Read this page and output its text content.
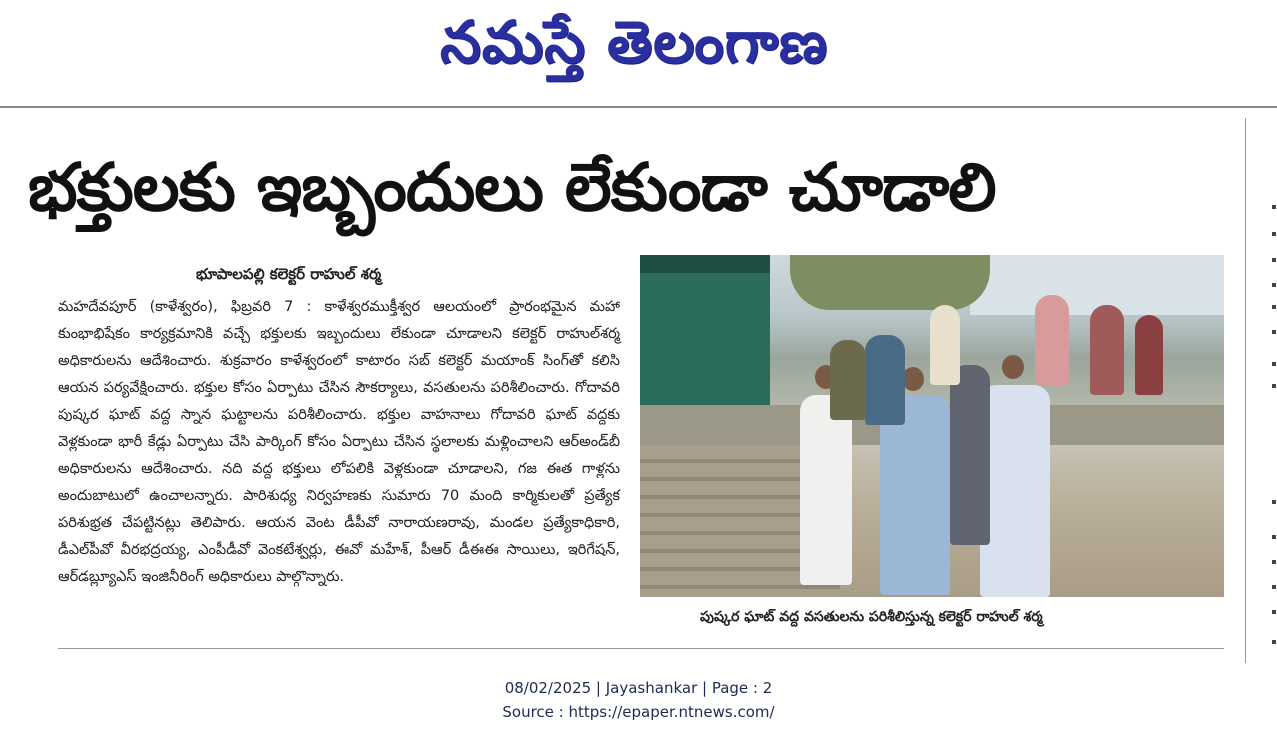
నమస్తే తెలంగాణ
భక్తులకు ఇబ్బందులు లేకుండా చూడాలి
భూపాలపల్లి కలెక్టర్ రాహుల్ శర్మ

మహదేవపూర్ (కాళేశ్వరం), ఫిబ్రవరి 7 : కాళేశ్వరముక్తీశ్వర ఆలయంలో ప్రారంభమైన మహా కుంభాభిషేకం కార్యక్రమానికి వచ్చే భక్తులకు ఇబ్బందులు లేకుండా చూడాలని కలెక్టర్ రాహుల్‌శర్మ అధికారులను ఆదేశించారు. శుక్రవారం కాళేశ్వరంలో కాటారం సబ్ కలెక్టర్ మయాంక్ సింగ్‌తో కలిసి ఆయన పర్యవేక్షించారు. భక్తుల కోసం ఏర్పాటు చేసిన సౌకర్యాలు, వసతులను పరిశీలించారు. గోదావరి పుష్కర ఘాట్ వద్ద స్నాన ఘట్టాలను పరిశీలించారు. భక్తుల వాహనాలు గోదావరి ఘాట్ వద్దకు వెళ్లకుండా భారీ కేడ్లు ఏర్పాటు చేసి పార్కింగ్ కోసం ఏర్పాటు చేసిన స్థలాలకు మళ్లించాలని ఆర్‌అండ్‌బీ అధికారులను ఆదేశించారు. నది వద్ద భక్తులు లోపలికి వెళ్లకుండా చూడాలని, గజ ఈత గాళ్లను అందుబాటులో ఉంచాలన్నారు. పారిశుధ్య నిర్వహణకు సుమారు 70 మంది కార్మికులతో ప్రత్యేక పరిశుభ్రత చేపట్టినట్లు తెలిపారు. ఆయన వెంట డీపీవో నారాయణరావు, మండల ప్రత్యేకాధికారి, డీఎల్‌పీవో వీరభద్రయ్య, ఎంపీడీవో వెంకటేశ్వర్లు, ఈవో మహేశ్, పీఆర్ డీఈఈ సాయిలు, ఇరిగేషన్, ఆర్‌డబ్ల్యూఎస్ ఇంజినీరింగ్ అధికారులు పాల్గొన్నారు.

పుష్కర ఘాట్ వద్ద వసతులను పరిశీలిస్తున్న కలెక్టర్ రాహుల్ శర్మ
08/02/2025 | Jayashankar | Page : 2
Source : https://epaper.ntnews.com/
